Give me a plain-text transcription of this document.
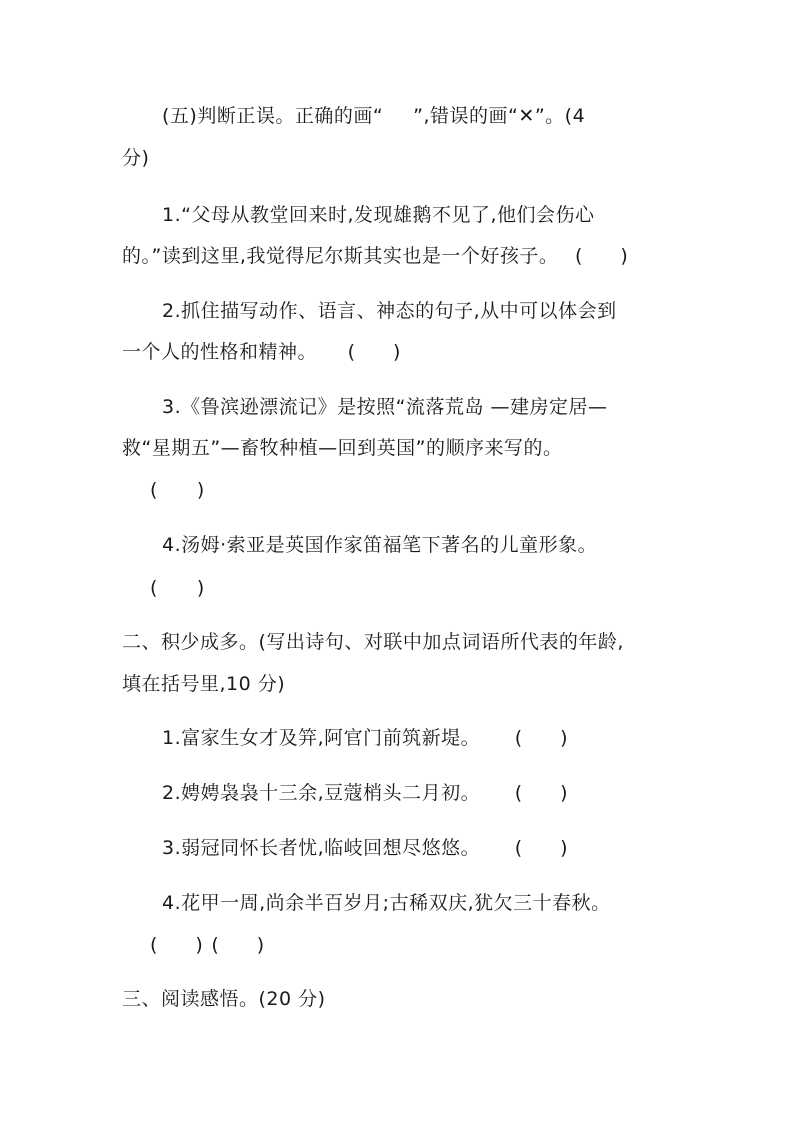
(五)判断正误。正确的画“ ”,错误的画“✕”。(4
分)
1.“父母从教堂回来时,发现雄鹅不见了,他们会伤心
的。”读到这里,我觉得尼尔斯其实也是一个好孩子。 (　　)
2.抓住描写动作、语言、神态的句子,从中可以体会到
一个人的性格和精神。 (　　)
3.《鲁滨逊漂流记》是按照“流落荒岛 —建房定居—
救“星期五”—畜牧种植—回到英国”的顺序来写的。
(　　)
4.汤姆·索亚是英国作家笛福笔下著名的儿童形象。
(　　)
二、积少成多。(写出诗句、对联中加点词语所代表的年龄,
填在括号里,10 分)
1.富家生女才及笄,阿官门前筑新堤。 (　　)
2.娉娉袅袅十三余,豆蔻梢头二月初。 (　　)
3.弱冠同怀长者忧,临岐回想尽悠悠。 (　　)
4.花甲一周,尚余半百岁月;古稀双庆,犹欠三十春秋。
(　　) (　　)
三、阅读感悟。(20 分)
